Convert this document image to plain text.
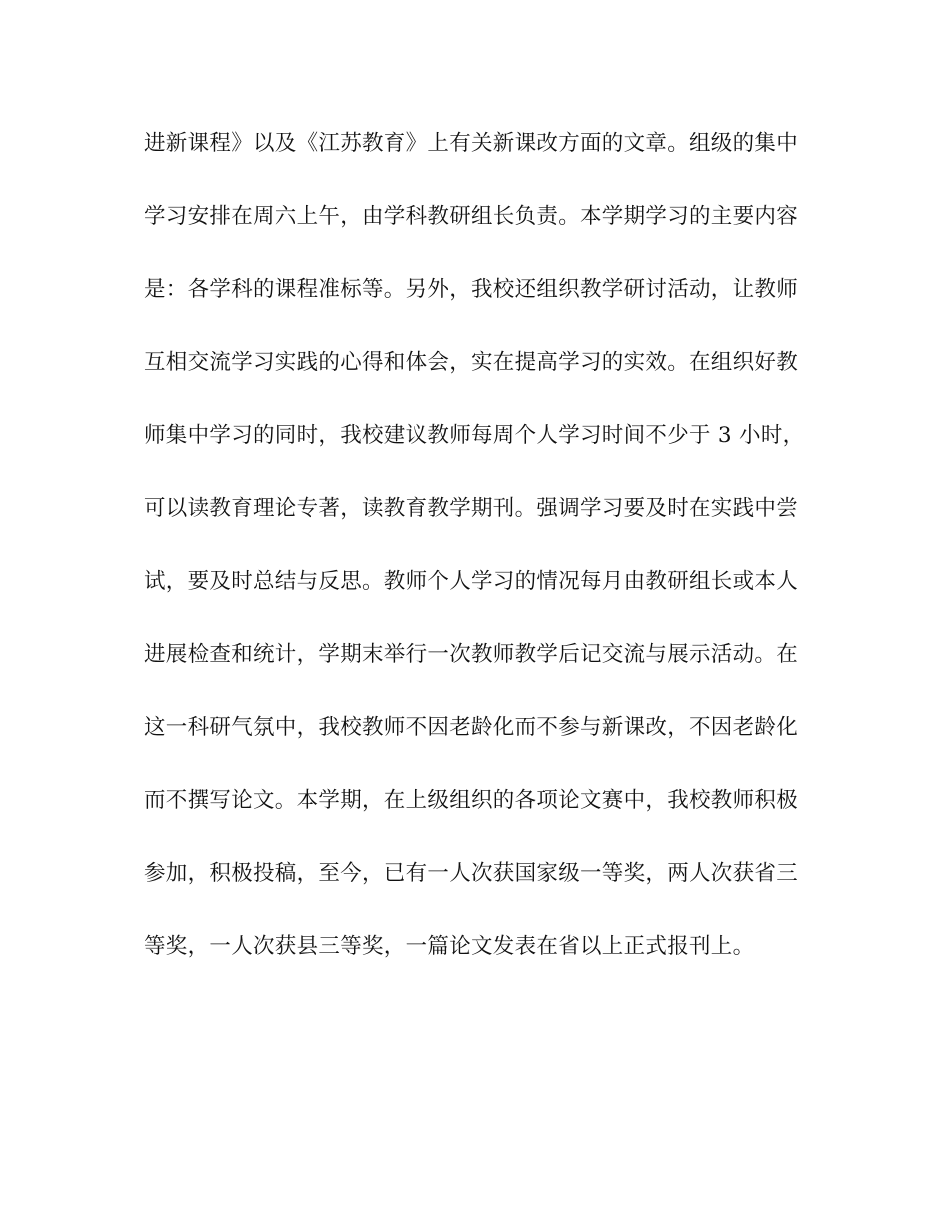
进新课程》以及《江苏教育》上有关新课改方面的文章。组级的集中
学习安排在周六上午，由学科教研组长负责。本学期学习的主要内容
是：各学科的课程准标等。另外，我校还组织教学研讨活动，让教师
互相交流学习实践的心得和体会，实在提高学习的实效。在组织好教
师集中学习的同时，我校建议教师每周个人学习时间不少于 3 小时，
可以读教育理论专著，读教育教学期刊。强调学习要及时在实践中尝
试，要及时总结与反思。教师个人学习的情况每月由教研组长或本人
进展检查和统计，学期末举行一次教师教学后记交流与展示活动。在
这一科研气氛中，我校教师不因老龄化而不参与新课改，不因老龄化
而不撰写论文。本学期，在上级组织的各项论文赛中，我校教师积极
参加，积极投稿，至今，已有一人次获国家级一等奖，两人次获省三
等奖，一人次获县三等奖，一篇论文发表在省以上正式报刊上。
